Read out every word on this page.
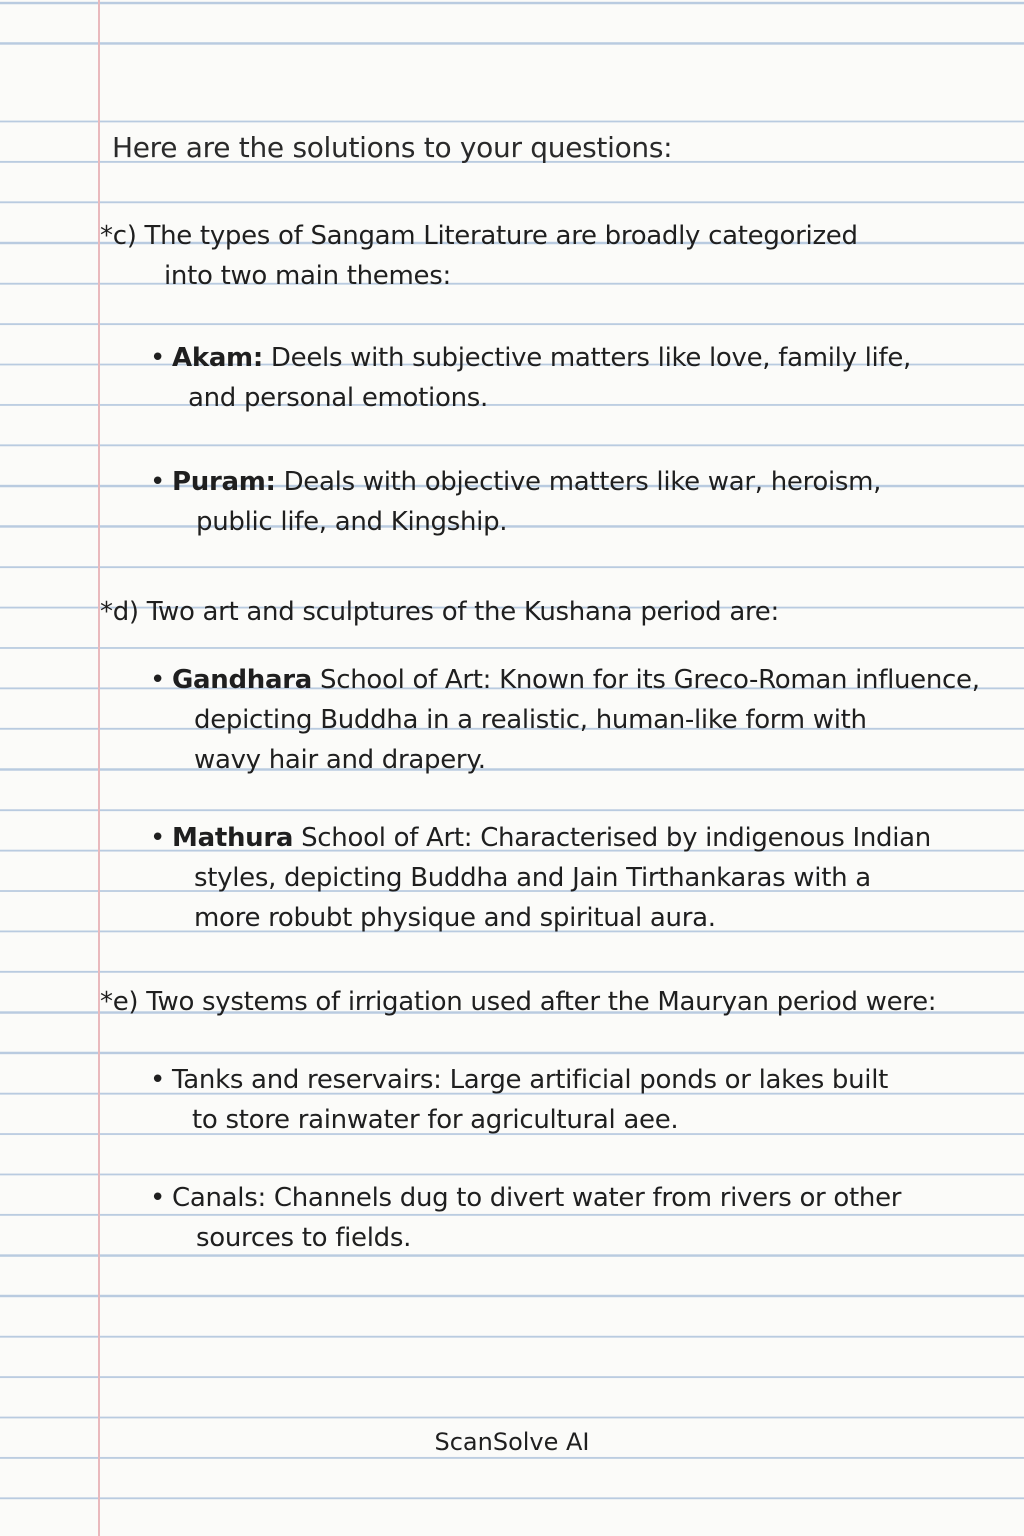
Here are the solutions to your questions:
*c) The types of Sangam Literature are broadly categorized
into two main themes:
• Akam: Deels with subjective matters like love, family life,
and personal emotions.
• Puram: Deals with objective matters like war, heroism,
public life, and Kingship.
*d) Two art and sculptures of the Kushana period are:
• Gandhara School of Art: Known for its Greco-Roman influence,
depicting Buddha in a realistic, human-like form with
wavy hair and drapery.
• Mathura School of Art: Characterised by indigenous Indian
styles, depicting Buddha and Jain Tirthankaras with a
more robubt physique and spiritual aura.
*e) Two systems of irrigation used after the Mauryan period were:
• Tanks and reservairs: Large artificial ponds or lakes built
to store rainwater for agricultural aee.
• Canals: Channels dug to divert water from rivers or other
sources to fields.
ScanSolve AI
